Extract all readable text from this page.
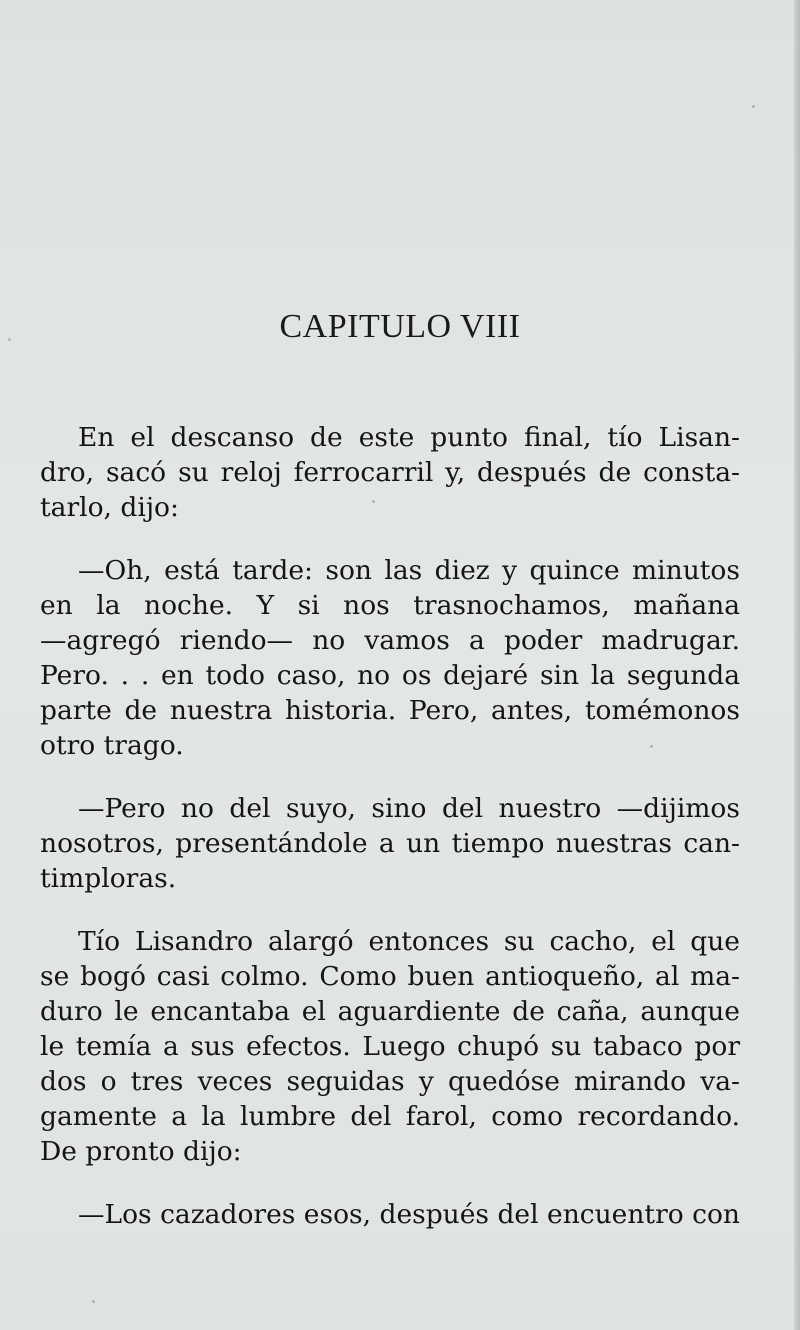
CAPITULO VIII

En el descanso de este punto final, tío Lisan-
dro, sacó su reloj ferrocarril y, después de consta-
tarlo, dijo:

—Oh, está tarde: son las diez y quince minutos
en la noche. Y si nos trasnochamos, mañana
—agregó riendo— no vamos a poder madrugar.
Pero. . . en todo caso, no os dejaré sin la segunda
parte de nuestra historia. Pero, antes, tomémonos
otro trago.

—Pero no del suyo, sino del nuestro —dijimos
nosotros, presentándole a un tiempo nuestras can-
timploras.

Tío Lisandro alargó entonces su cacho, el que
se bogó casi colmo. Como buen antioqueño, al ma-
duro le encantaba el aguardiente de caña, aunque
le temía a sus efectos. Luego chupó su tabaco por
dos o tres veces seguidas y quedóse mirando va-
gamente a la lumbre del farol, como recordando.
De pronto dijo:

—Los cazadores esos, después del encuentro con
